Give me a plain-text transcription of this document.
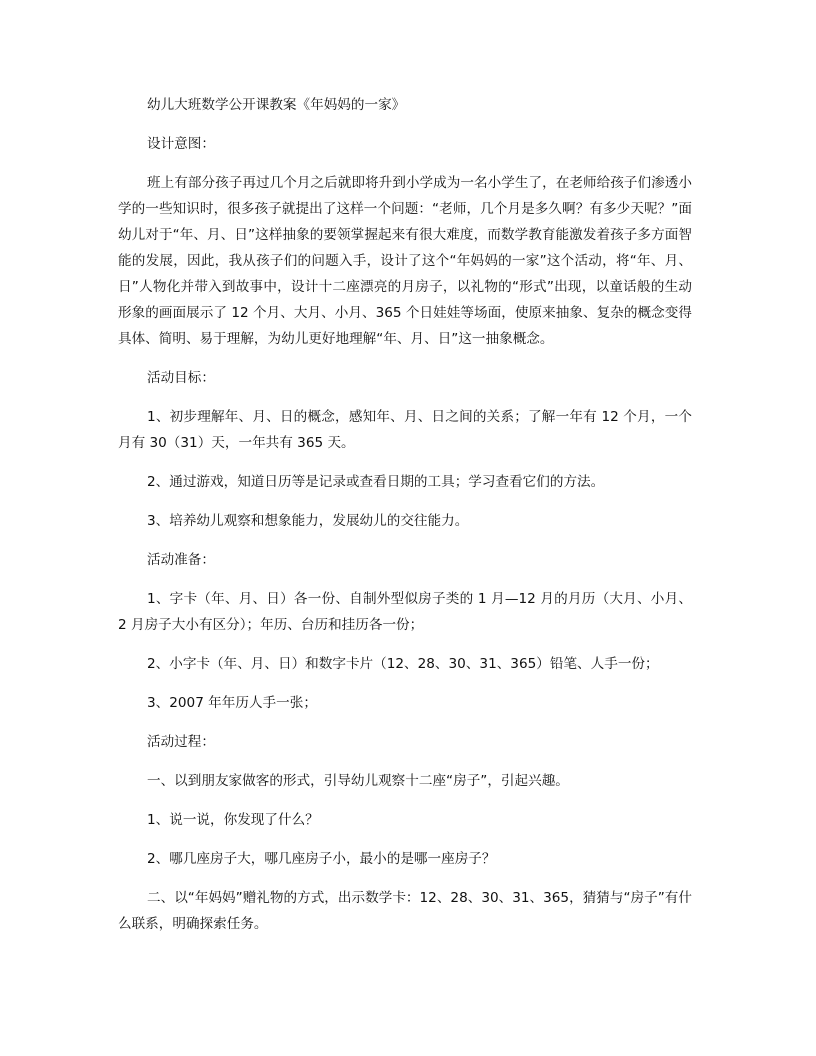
幼儿大班数学公开课教案《年妈妈的一家》

设计意图：

班上有部分孩子再过几个月之后就即将升到小学成为一名小学生了，在老师给孩子们渗透小学的一些知识时，很多孩子就提出了这样一个问题：“老师，几个月是多久啊？有多少天呢？”面幼儿对于“年、月、日”这样抽象的要领掌握起来有很大难度，而数学教育能激发着孩子多方面智能的发展，因此，我从孩子们的问题入手，设计了这个“年妈妈的一家”这个活动，将“年、月、日”人物化并带入到故事中，设计十二座漂亮的月房子，以礼物的“形式”出现，以童话般的生动形象的画面展示了 12 个月、大月、小月、365 个日娃娃等场面，使原来抽象、复杂的概念变得具体、简明、易于理解，为幼儿更好地理解“年、月、日”这一抽象概念。

活动目标：

1、初步理解年、月、日的概念，感知年、月、日之间的关系；了解一年有 12 个月，一个月有 30（31）天，一年共有 365 天。

2、通过游戏，知道日历等是记录或查看日期的工具；学习查看它们的方法。

3、培养幼儿观察和想象能力，发展幼儿的交往能力。

活动准备：

1、字卡（年、月、日）各一份、自制外型似房子类的 1 月—12 月的月历（大月、小月、2 月房子大小有区分）；年历、台历和挂历各一份；

2、小字卡（年、月、日）和数字卡片（12、28、30、31、365）铅笔、人手一份；

3、2007 年年历人手一张；

活动过程：

一、以到朋友家做客的形式，引导幼儿观察十二座“房子”，引起兴趣。

1、说一说，你发现了什么？

2、哪几座房子大，哪几座房子小，最小的是哪一座房子？

二、以“年妈妈”赠礼物的方式，出示数学卡：12、28、30、31、365，猜猜与“房子”有什么联系，明确探索任务。
